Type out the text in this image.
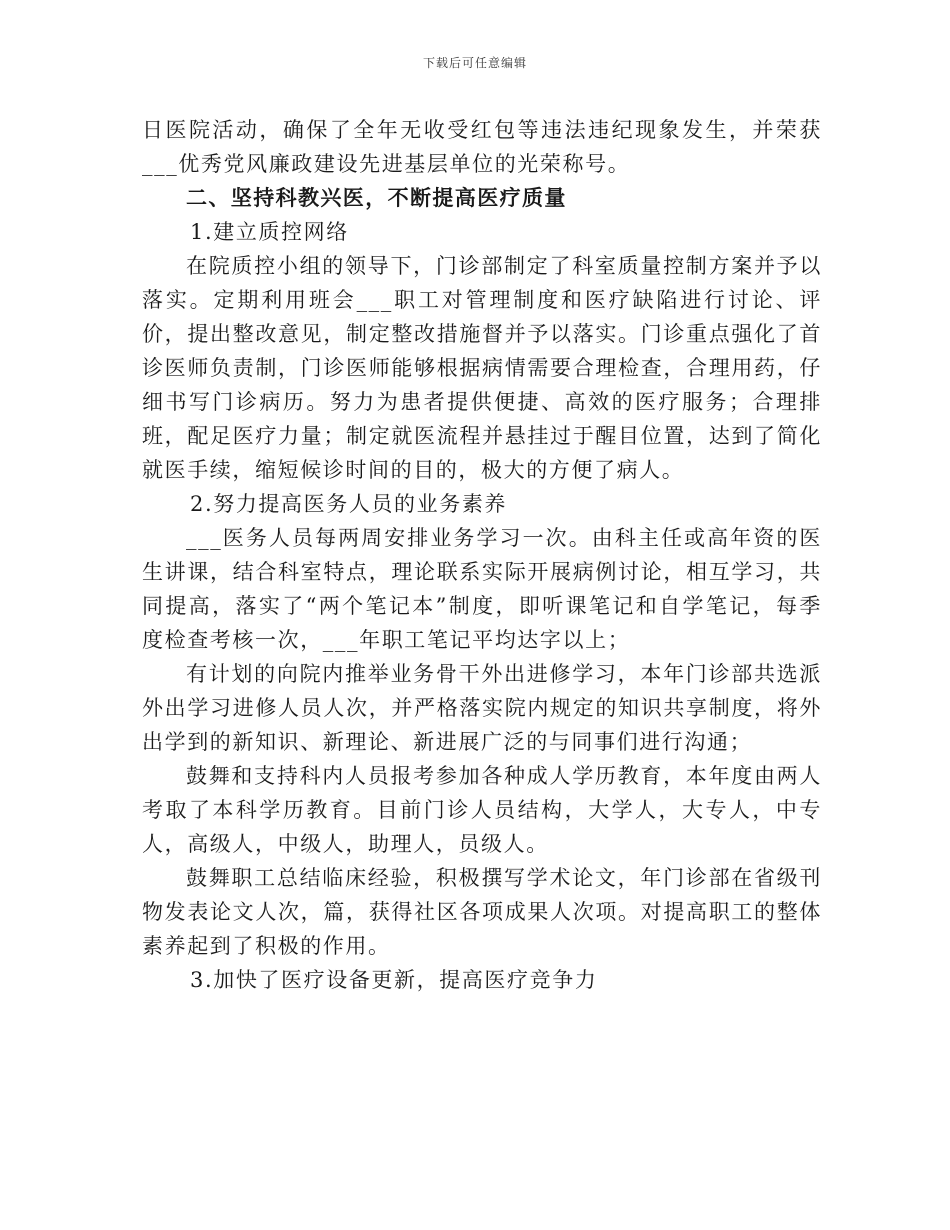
下载后可任意编辑

日医院活动，确保了全年无收受红包等违法违纪现象发生，并荣获___优秀党风廉政建设先进基层单位的光荣称号。

二、坚持科教兴医，不断提高医疗质量

1.建立质控网络

在院质控小组的领导下，门诊部制定了科室质量控制方案并予以落实。定期利用班会___职工对管理制度和医疗缺陷进行讨论、评价，提出整改意见，制定整改措施督并予以落实。门诊重点强化了首诊医师负责制，门诊医师能够根据病情需要合理检查，合理用药，仔细书写门诊病历。努力为患者提供便捷、高效的医疗服务；合理排班，配足医疗力量；制定就医流程并悬挂过于醒目位置，达到了简化就医手续，缩短候诊时间的目的，极大的方便了病人。

2.努力提高医务人员的业务素养

___医务人员每两周安排业务学习一次。由科主任或高年资的医生讲课，结合科室特点，理论联系实际开展病例讨论，相互学习，共同提高，落实了“两个笔记本”制度，即听课笔记和自学笔记，每季度检查考核一次，___年职工笔记平均达字以上；

有计划的向院内推举业务骨干外出进修学习，本年门诊部共选派外出学习进修人员人次，并严格落实院内规定的知识共享制度，将外出学到的新知识、新理论、新进展广泛的与同事们进行沟通；

鼓舞和支持科内人员报考参加各种成人学历教育，本年度由两人考取了本科学历教育。目前门诊人员结构，大学人，大专人，中专人，高级人，中级人，助理人，员级人。

鼓舞职工总结临床经验，积极撰写学术论文，年门诊部在省级刊物发表论文人次，篇，获得社区各项成果人次项。对提高职工的整体素养起到了积极的作用。

3.加快了医疗设备更新，提高医疗竞争力
